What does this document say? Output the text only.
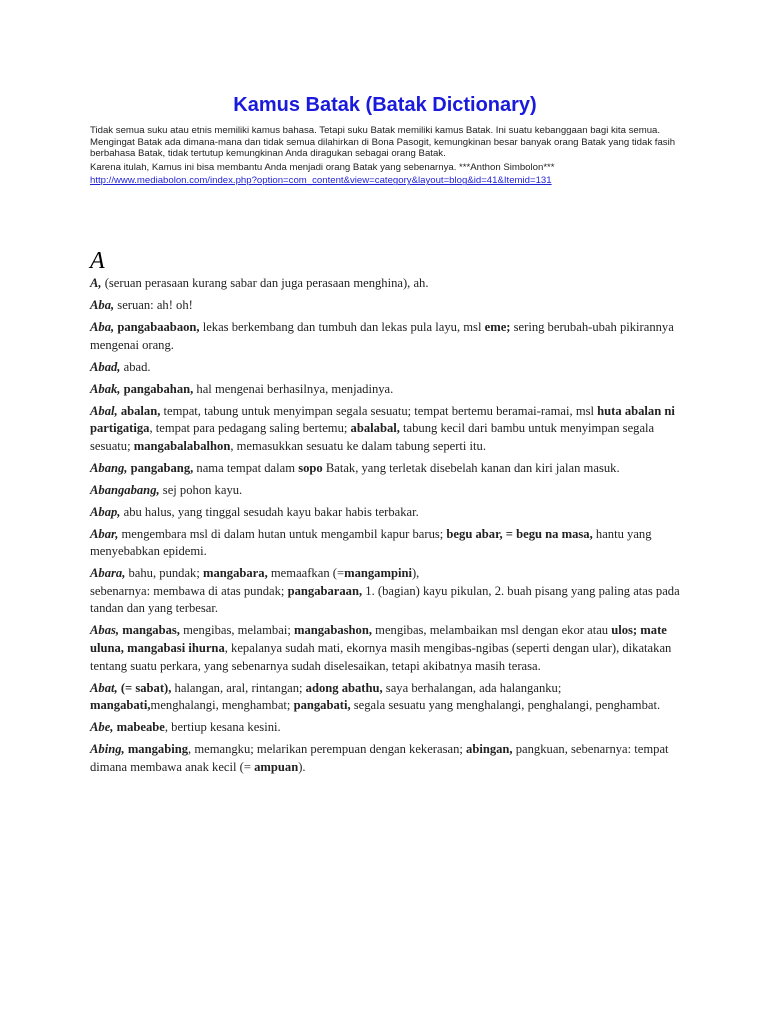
Kamus Batak (Batak Dictionary)

Tidak semua suku atau etnis memiliki kamus bahasa. Tetapi suku Batak memiliki kamus Batak. Ini suatu kebanggaan bagi kita semua. Mengingat Batak ada dimana-mana dan tidak semua dilahirkan di Bona Pasogit, kemungkinan besar banyak orang Batak yang tidak fasih berbahasa Batak, tidak tertutup kemungkinan Anda diragukan sebagai orang Batak.

Karena itulah, Kamus ini bisa membantu Anda menjadi orang Batak yang sebenarnya. ***Anthon Simbolon***

http://www.mediabolon.com/index.php?option=com_content&view=category&layout=blog&id=41&Itemid=131

A

A, (seruan perasaan kurang sabar dan juga perasaan menghina), ah.

Aba, seruan: ah! oh!

Aba, pangabaabaon, lekas berkembang dan tumbuh dan lekas pula layu, msl eme; sering berubah-ubah pikirannya mengenai orang.

Abad, abad.

Abak, pangabahan, hal mengenai berhasilnya, menjadinya.

Abal, abalan, tempat, tabung untuk menyimpan segala sesuatu; tempat bertemu beramai-ramai, msl huta abalan ni partigatiga, tempat para pedagang saling bertemu; abalabal, tabung kecil dari bambu untuk menyimpan segala sesuatu; mangabalabalhon, memasukkan sesuatu ke dalam tabung seperti itu.

Abang, pangabang, nama tempat dalam sopo Batak, yang terletak disebelah kanan dan kiri jalan masuk.

Abangabang, sej pohon kayu.

Abap, abu halus, yang tinggal sesudah kayu bakar habis terbakar.

Abar, mengembara msl di dalam hutan untuk mengambil kapur barus; begu abar, = begu na masa, hantu yang menyebabkan epidemi.

Abara, bahu, pundak; mangabara, memaafkan (=mangampini),
sebenarnya: membawa di atas pundak; pangabaraan, 1. (bagian) kayu pikulan, 2. buah pisang yang paling atas pada tandan dan yang terbesar.

Abas, mangabas, mengibas, melambai; mangabashon, mengibas, melambaikan msl dengan ekor atau ulos; mate uluna, mangabasi ihurna, kepalanya sudah mati, ekornya masih mengibas-ngibas (seperti dengan ular), dikatakan tentang suatu perkara, yang sebenarnya sudah diselesaikan, tetapi akibatnya masih terasa.

Abat, (= sabat), halangan, aral, rintangan; adong abathu, saya berhalangan, ada halanganku; mangabati,menghalangi, menghambat; pangabati, segala sesuatu yang menghalangi, penghalangi, penghambat.

Abe, mabeabe, bertiup kesana kesini.

Abing, mangabing, memangku; melarikan perempuan dengan kekerasan; abingan, pangkuan, sebenarnya: tempat dimana membawa anak kecil (= ampuan).
